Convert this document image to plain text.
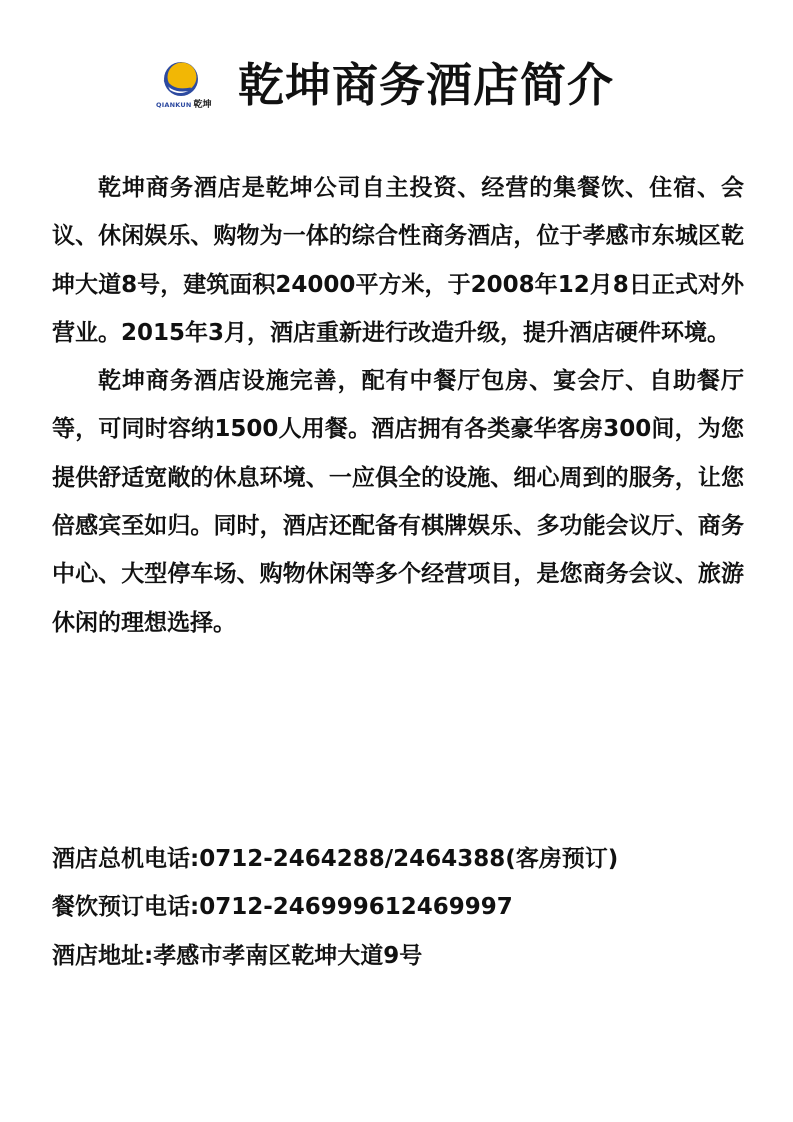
QIANKUN 乾坤 乾坤商务酒店简介

乾坤商务酒店是乾坤公司自主投资、经营的集餐饮、住宿、会议、休闲娱乐、购物为一体的综合性商务酒店，位于孝感市东城区乾坤大道8号，建筑面积24000平方米，于2008年12月8日正式对外营业。2015年3月，酒店重新进行改造升级，提升酒店硬件环境。

乾坤商务酒店设施完善，配有中餐厅包房、宴会厅、自助餐厅等，可同时容纳1500人用餐。酒店拥有各类豪华客房300间，为您提供舒适宽敞的休息环境、一应俱全的设施、细心周到的服务，让您倍感宾至如归。同时，酒店还配备有棋牌娱乐、多功能会议厅、商务中心、大型停车场、购物休闲等多个经营项目，是您商务会议、旅游休闲的理想选择。

酒店总机电话:0712-2464288/2464388(客房预订)

餐饮预订电话:0712-246999612469997

酒店地址:孝感市孝南区乾坤大道9号
